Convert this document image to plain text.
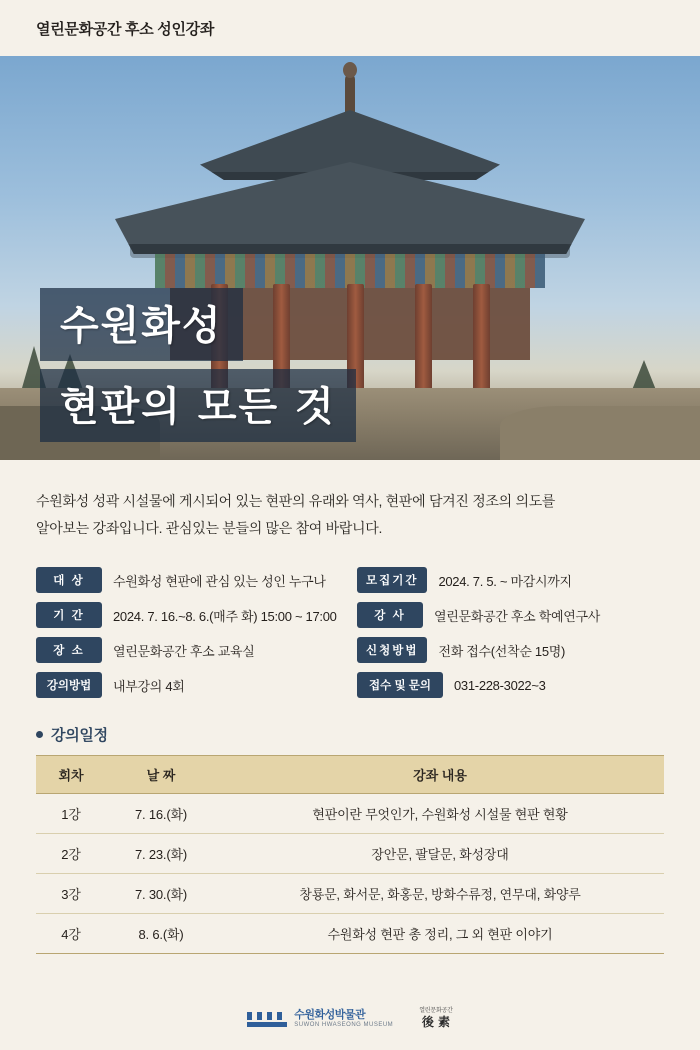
열린문화공간 후소 성인강좌
수원화성
현판의 모든 것

수원화성 성곽 시설물에 게시되어 있는 현판의 유래와 역사, 현판에 담겨진 정조의 의도를

알아보는 강좌입니다. 관심있는 분들의 많은 참여 바랍니다.

대 상	수원화성 현판에 관심 있는 성인 누구나	모집기간	2024. 7. 5. ~ 마감시까지
기 간	2024. 7. 16.~8. 6.(매주 화) 15:00 ~ 17:00	강 사	열린문화공간 후소 학예연구사
장 소	열린문화공간 후소 교육실	신청방법	전화 접수(선착순 15명)
강의방법	내부강의 4회	접수 및 문의	031-228-3022~3
강의일정
회차	날 짜	강좌 내용
1강	7. 16.(화)	현판이란 무엇인가, 수원화성 시설물 현판 현황
2강	7. 23.(화)	장안문, 팔달문, 화성장대
3강	7. 30.(화)	창룡문, 화서문, 화홍문, 방화수류정, 연무대, 화양루
4강	8. 6.(화)	수원화성 현판 총 정리, 그 외 현판 이야기
수원화성박물관
SUWON HWASEONG MUSEUM
열린문화공간
後 素
